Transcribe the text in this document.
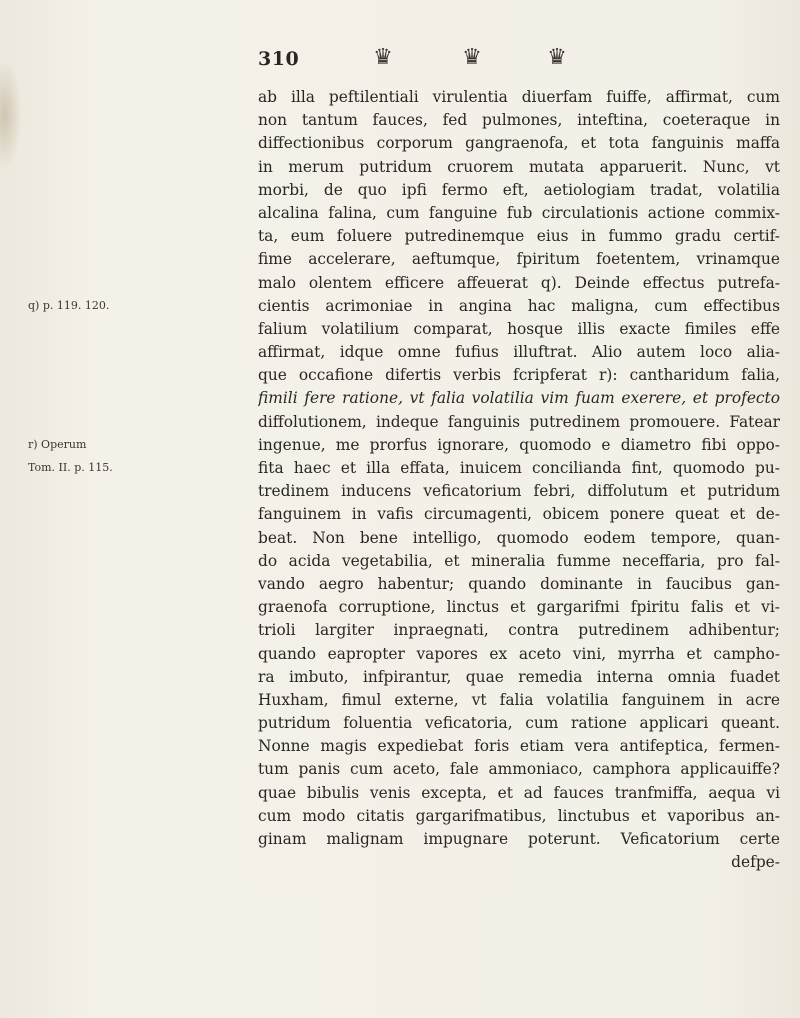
310	♛	♛	♛
q) p. 119. 120.
r) Operum
Tom. II. p. 115.
ab illa peftilentiali virulentia diuerfam fuiffe, affirmat, cum
non tantum fauces, fed pulmones, inteftina, coeteraque in
diffectionibus corporum gangraenofa, et tota fanguinis maffa
in merum putridum cruorem mutata apparuerit. Nunc, vt
morbi, de quo ipfi fermo eft, aetiologiam tradat, volatilia
alcalina falina, cum fanguine fub circulationis actione commix-
ta, eum foluere putredinemque eius in fummo gradu certif-
fime accelerare, aeftumque, fpiritum foetentem, vrinamque
malo olentem efficere affeuerat q). Deinde effectus putrefa-
cientis acrimoniae in angina hac maligna, cum effectibus
falium volatilium comparat, hosque illis exacte fimiles effe
affirmat, idque omne fufius illuftrat. Alio autem loco alia-
que occafione difertis verbis fcripferat r): cantharidum falia,
fimili fere ratione, vt falia volatilia vim fuam exerere, et profecto
diffolutionem, indeque fanguinis putredinem promouere. Fatear
ingenue, me prorfus ignorare, quomodo e diametro fibi oppo-
fita haec et illa effata, inuicem concilianda fint, quomodo pu-
tredinem inducens veficatorium febri, diffolutum et putridum
fanguinem in vafis circumagenti, obicem ponere queat et de-
beat. Non bene intelligo, quomodo eodem tempore, quan-
do acida vegetabilia, et mineralia fumme neceffaria, pro fal-
vando aegro habentur; quando dominante in faucibus gan-
graenofa corruptione, linctus et gargarifmi fpiritu falis et vi-
trioli largiter inpraegnati, contra putredinem adhibentur;
quando eapropter vapores ex aceto vini, myrrha et campho-
ra imbuto, infpirantur, quae remedia interna omnia fuadet
Huxham, fimul externe, vt falia volatilia fanguinem in acre
putridum foluentia veficatoria, cum ratione applicari queant.
Nonne magis expediebat foris etiam vera antifeptica, fermen-
tum panis cum aceto, fale ammoniaco, camphora applicauiffe?
quae bibulis venis excepta, et ad fauces tranfmiffa, aequa vi
cum modo citatis gargarifmatibus, linctubus et vaporibus an-
ginam malignam impugnare poterunt. Veficatorium certe
defpe-
